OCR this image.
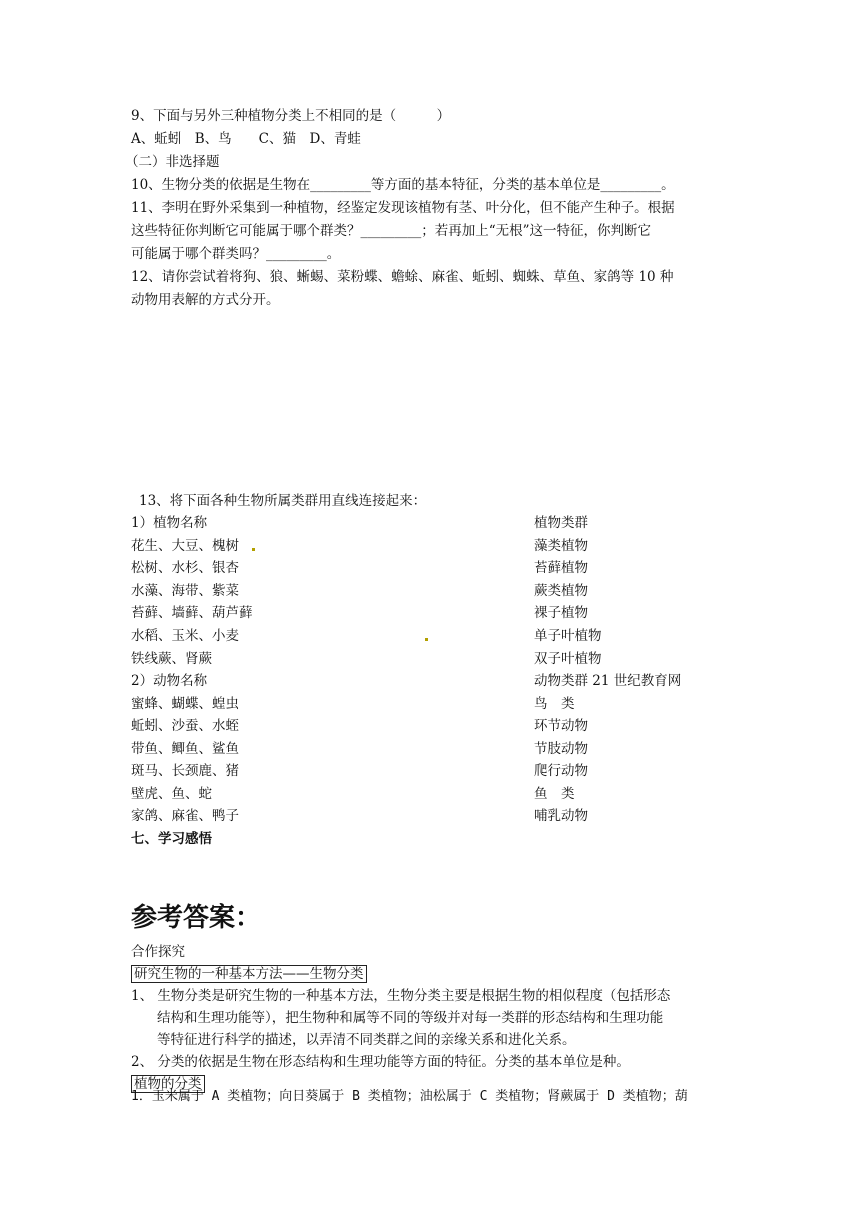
9、下面与另外三种植物分类上不相同的是（　　　）
A、蚯蚓　B、鸟　　C、猫　D、青蛙
（二）非选择题
10、生物分类的依据是生物在_________等方面的基本特征，分类的基本单位是_________。
11、李明在野外采集到一种植物，经鉴定发现该植物有茎、叶分化，但不能产生种子。根据
这些特征你判断它可能属于哪个群类？_________；若再加上“无根”这一特征，你判断它
可能属于哪个群类吗？_________。
12、请你尝试着将狗、狼、蜥蜴、菜粉蝶、蟾蜍、麻雀、蚯蚓、蜘蛛、草鱼、家鸽等 10 种
动物用表解的方式分开。
13、将下面各种生物所属类群用直线连接起来：
1）植物名称
花生、大豆、槐树
松树、水杉、银杏
水藻、海带、紫菜
苔藓、墙藓、葫芦藓
水稻、玉米、小麦
铁线蕨、肾蕨
植物类群
藻类植物
苔藓植物
蕨类植物
裸子植物
单子叶植物
双子叶植物
2）动物名称
蜜蜂、蝴蝶、蝗虫
蚯蚓、沙蚕、水蛭
带鱼、鲫鱼、鲨鱼
斑马、长颈鹿、猪
壁虎、鱼、蛇
家鸽、麻雀、鸭子
动物类群 21 世纪教育网
鸟　类
环节动物
节肢动物
爬行动物
鱼　类
哺乳动物
七、学习感悟
参考答案：
合作探究
研究生物的一种基本方法——生物分类
1、 生物分类是研究生物的一种基本方法，生物分类主要是根据生物的相似程度（包括形态
结构和生理功能等），把生物种和属等不同的等级并对每一类群的形态结构和生理功能
等特征进行科学的描述，以弄清不同类群之间的亲缘关系和进化关系。
2、 分类的依据是生物在形态结构和生理功能等方面的特征。分类的基本单位是种。
植物的分类
1．玉米属于 A 类植物；向日葵属于 B 类植物；油松属于 C 类植物；肾蕨属于 D 类植物；葫
